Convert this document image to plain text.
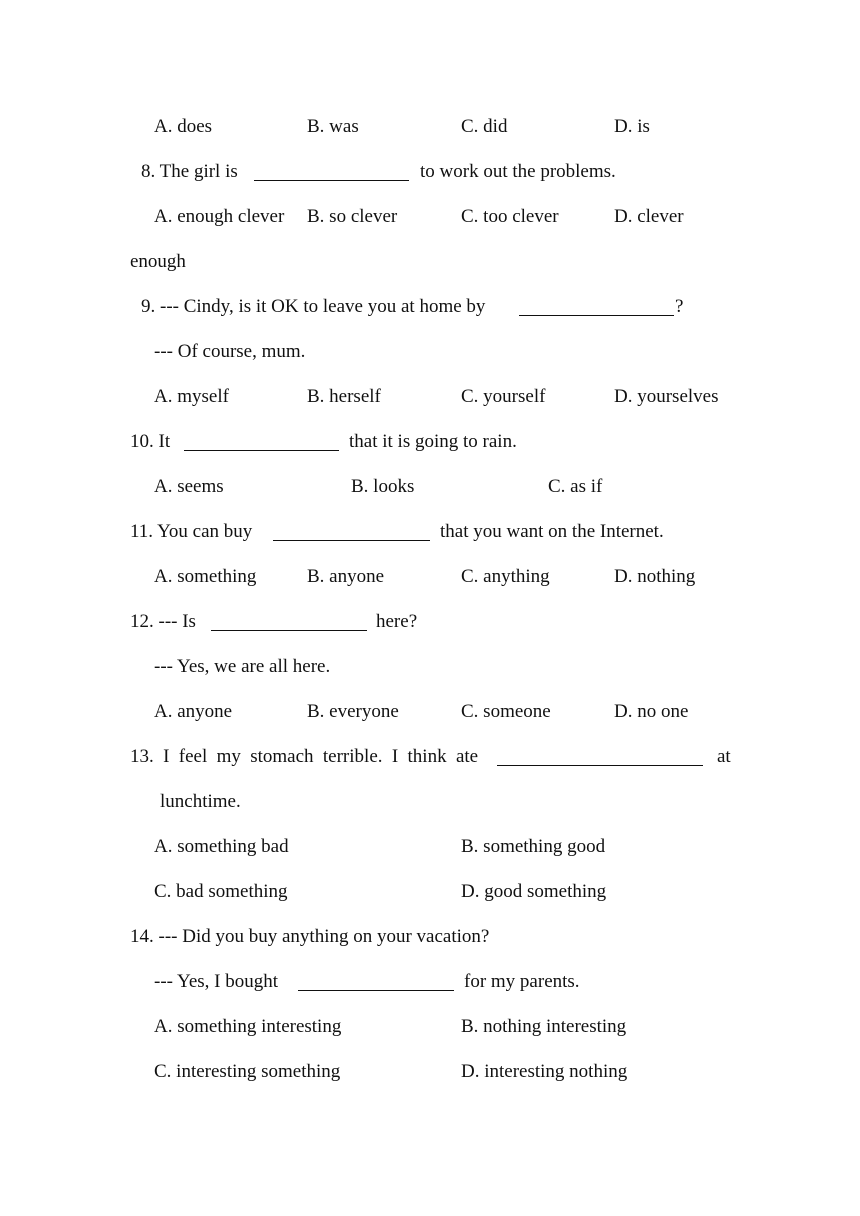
A. does	B. was	C. did	D. is
8. The girl is	to work out the problems.
A. enough clever B. so clever	C. too clever	D. clever
enough
9. --- Cindy, is it OK to leave you at home by	?
--- Of course, mum.
A. myself	B. herself	C. yourself	D. yourselves
10. It	that it is going to rain.
A. seems	B. looks	C. as if
11. You can buy	that you want on the Internet.
A. something	B. anyone	C. anything	D. nothing
12. --- Is	here?
--- Yes, we are all here.
A. anyone	B. everyone	C. someone	D. no one
13. I feel my stomach terrible. I think ate	at
lunchtime.
A. something bad	B. something good
C. bad something	D. good something
14. --- Did you buy anything on your vacation?
--- Yes, I bought	for my parents.
A. something interesting	B. nothing interesting
C. interesting something	D. interesting nothing
